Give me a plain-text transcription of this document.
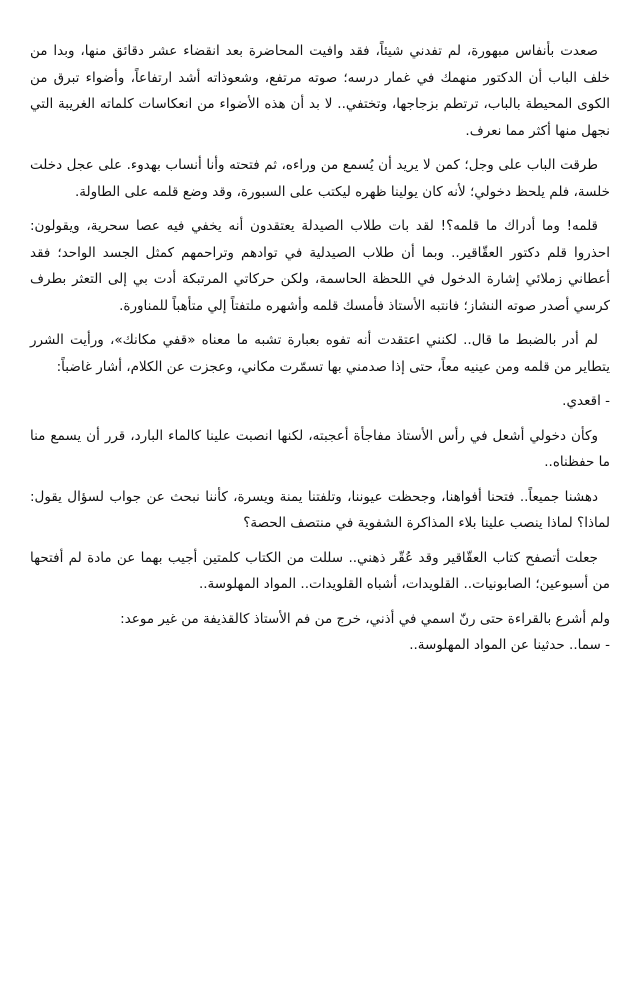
صعدت بأنفاس مبهورة، لم تفدني شيئاً، فقد وافيت المحاضرة بعد انقضاء عشر دقائق منها، وبدا من خلف الباب أن الدكتور منهمك في غمار درسه؛ صوته مرتفع، وشعوذاته أشد ارتفاعاً، وأضواء تبرق من الكوى المحيطة بالباب، ترتطم بزجاجها، وتختفي.. لا بد أن هذه الأضواء من انعكاسات كلماته الغريبة التي نجهل منها أكثر مما نعرف.

طرقت الباب على وجل؛ كمن لا يريد أن يُسمع من وراءه، ثم فتحته وأنا أنساب بهدوء. على عجل دخلت خلسة، فلم يلحظ دخولي؛ لأنه كان يولينا ظهره ليكتب على السبورة، وقد وضع قلمه على الطاولة.

قلمه! وما أدراك ما قلمه؟! لقد بات طلاب الصيدلة يعتقدون أنه يخفي فيه عصا سحرية، ويقولون: احذروا قلم دكتور العقّاقير.. وبما أن طلاب الصيدلية في توادهم وتراحمهم كمثل الجسد الواحد؛ فقد أعطاني زملائي إشارة الدخول في اللحظة الحاسمة، ولكن حركاتي المرتبكة أدت بي إلى التعثر بطرف كرسي أصدر صوته النشاز؛ فانتبه الأستاذ فأمسك قلمه وأشهره ملتفتاً إلي متأهباً للمناورة.

لم أدر بالضبط ما قال.. لكنني اعتقدت أنه تفوه بعبارة تشبه ما معناه «قفي مكانك»، ورأيت الشرر يتطاير من قلمه ومن عينيه معاً، حتى إذا صدمني بها تسمّرت مكاني، وعجزت عن الكلام، أشار غاضباً:

- اقعدي.

وكأن دخولي أشعل في رأس الأستاذ مفاجأة أعجبته، لكنها انصبت علينا كالماء البارد، قرر أن يسمع منا ما حفظناه..

دهشنا جميعاً.. فتحنا أفواهنا، وجحظت عيوننا، وتلفتنا يمنة ويسرة، كأننا نبحث عن جواب لسؤال يقول: لماذا؟ لماذا ينصب علينا بلاء المذاكرة الشفوية في منتصف الحصة؟

جعلت أتصفح كتاب العقّاقير وقد عُقّر ذهني.. سللت من الكتاب كلمتين أجيب بهما عن مادة لم أفتحها من أسبوعين؛ الصابونيات.. القلويدات، أشباه القلويدات.. المواد المهلوسة..

ولم أشرع بالقراءة حتى رنّ اسمي في أذني، خرج من فم الأستاذ كالقذيفة من غير موعد:

- سما.. حدثينا عن المواد المهلوسة..
